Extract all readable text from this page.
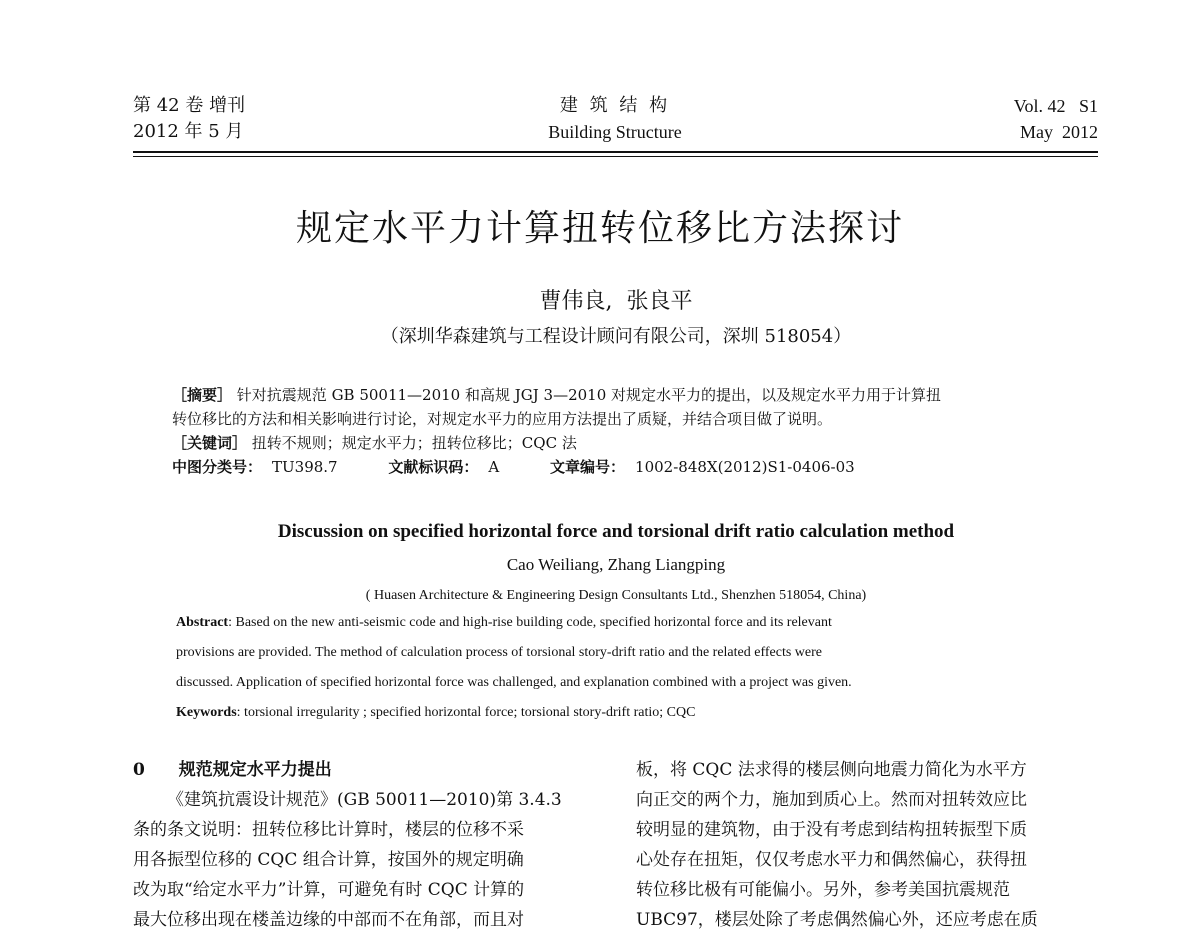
第 42 卷 增刊
2012 年 5 月
建 筑 结 构
Building Structure
Vol. 42   S1
May  2012
规定水平力计算扭转位移比方法探讨
曹伟良,  张良平
（深圳华森建筑与工程设计顾问有限公司，深圳 518054）
［摘要］ 针对抗震规范 GB 50011—2010 和高规 JGJ 3—2010 对规定水平力的提出，以及规定水平力用于计算扭
转位移比的方法和相关影响进行讨论，对规定水平力的应用方法提出了质疑，并结合项目做了说明。
［关键词］ 扭转不规则；规定水平力；扭转位移比；CQC 法
中图分类号： TU398.7	文献标识码： A	文章编号： 1002-848X(2012)S1-0406-03
Discussion on specified horizontal force and torsional drift ratio calculation method
Cao Weiliang, Zhang Liangping
( Huasen Architecture & Engineering Design Consultants Ltd., Shenzhen 518054, China)
Abstract: Based on the new anti-seismic code and high-rise building code, specified horizontal force and its relevant
provisions are provided. The method of calculation process of torsional story-drift ratio and the related effects were
discussed. Application of specified horizontal force was challenged, and explanation combined with a project was given.
Keywords: torsional irregularity ; specified horizontal force; torsional story-drift ratio; CQC
0 规范规定水平力提出
《建筑抗震设计规范》(GB 50011—2010)第 3.4.3
条的条文说明：扭转位移比计算时，楼层的位移不采
用各振型位移的 CQC 组合计算，按国外的规定明确
改为取“给定水平力”计算，可避免有时 CQC 计算的
最大位移出现在楼盖边缘的中部而不在角部，而且对
板，将 CQC 法求得的楼层侧向地震力简化为水平方
向正交的两个力，施加到质心上。然而对扭转效应比
较明显的建筑物，由于没有考虑到结构扭转振型下质
心处存在扭矩，仅仅考虑水平力和偶然偏心，获得扭
转位移比极有可能偏小。另外，参考美国抗震规范
UBC97，楼层处除了考虑偶然偏心外，还应考虑在质
